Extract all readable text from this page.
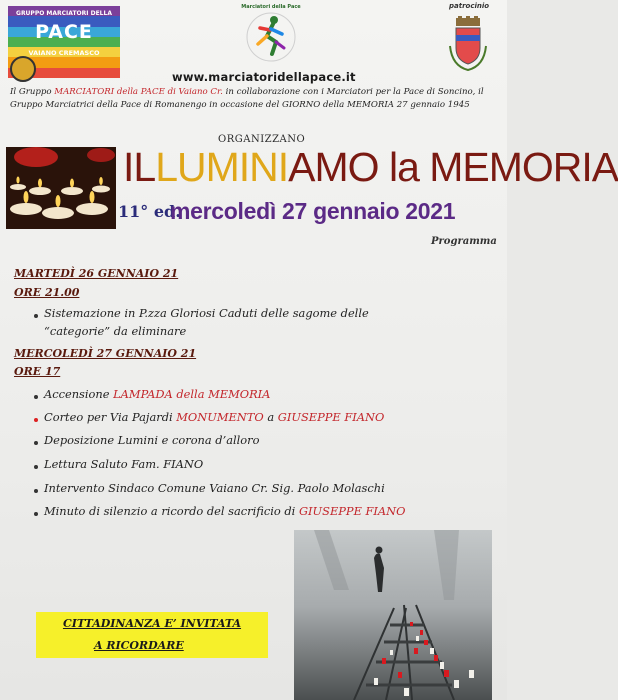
GRUPPO MARCIATORI DELLA
PACE
VAIANO CREMASCO
Marciatori della Pace	patrocinio
www.marciatoridellapace.it
Il Gruppo MARCIATORI della PACE di Vaiano Cr. in collaborazione con i Marciatori per la Pace di Soncino, il Gruppo Marciatrici della Pace di Romanengo in occasione del GIORNO della MEMORIA 27 gennaio 1945
ORGANIZZANO
ILLUMINIAMO la MEMORIA
11° ed.
mercoledì 27 gennaio 2021
Programma
MARTEDÌ 26 GENNAIO 21
ORE 21.00
Sistemazione in P.zza Gloriosi Caduti delle sagome delle
“categorie” da eliminare
MERCOLEDÌ 27 GENNAIO 21
ORE 17
Accensione LAMPADA della MEMORIA
Corteo per Via Pajardi MONUMENTO a GIUSEPPE FIANO
Deposizione Lumini e corona d’alloro
Lettura Saluto Fam. FIANO
Intervento Sindaco Comune Vaiano Cr. Sig. Paolo Molaschi
Minuto di silenzio a ricordo del sacrificio di GIUSEPPE FIANO
CITTADINANZA E’ INVITATA
A RICORDARE
